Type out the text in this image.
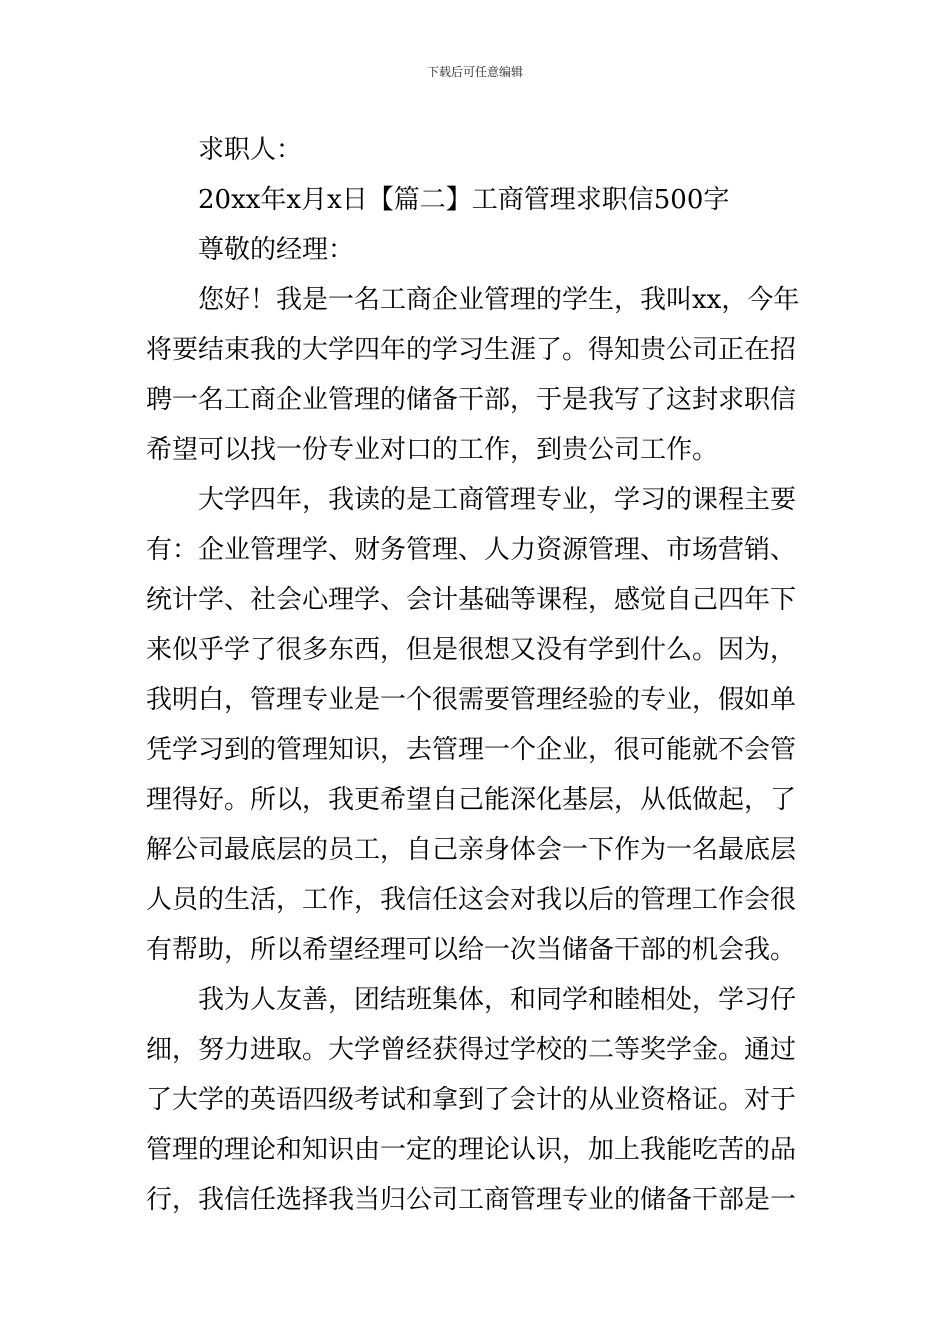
下载后可任意编辑
求职人：
20xx年x月x日【篇二】工商管理求职信500字
尊敬的经理：
您好！我是一名工商企业管理的学生，我叫xx，今年
将要结束我的大学四年的学习生涯了。得知贵公司正在招
聘一名工商企业管理的储备干部，于是我写了这封求职信
希望可以找一份专业对口的工作，到贵公司工作。
大学四年，我读的是工商管理专业，学习的课程主要
有：企业管理学、财务管理、人力资源管理、市场营销、
统计学、社会心理学、会计基础等课程，感觉自己四年下
来似乎学了很多东西，但是很想又没有学到什么。因为，
我明白，管理专业是一个很需要管理经验的专业，假如单
凭学习到的管理知识，去管理一个企业，很可能就不会管
理得好。所以，我更希望自己能深化基层，从低做起，了
解公司最底层的员工，自己亲身体会一下作为一名最底层
人员的生活，工作，我信任这会对我以后的管理工作会很
有帮助，所以希望经理可以给一次当储备干部的机会我。
我为人友善，团结班集体，和同学和睦相处，学习仔
细，努力进取。大学曾经获得过学校的二等奖学金。通过
了大学的英语四级考试和拿到了会计的从业资格证。对于
管理的理论和知识由一定的理论认识，加上我能吃苦的品
行，我信任选择我当归公司工商管理专业的储备干部是一
